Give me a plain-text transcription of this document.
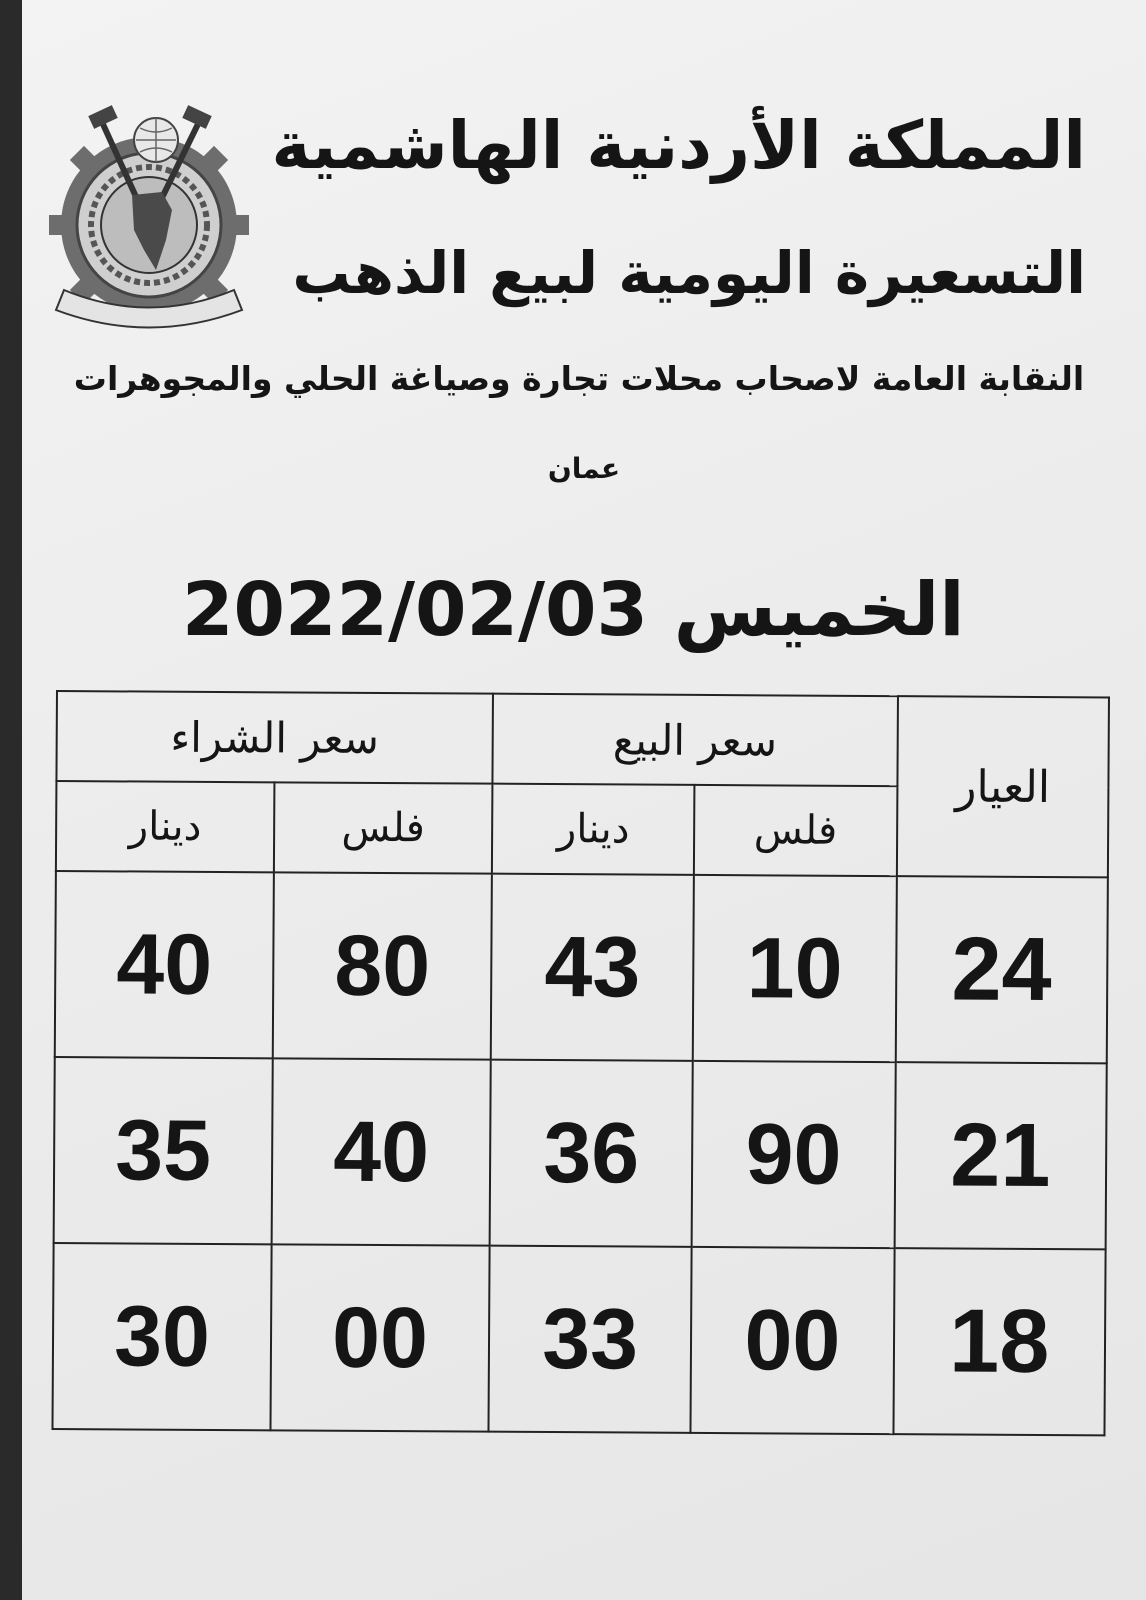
المملكة الأردنية الهاشمية
التسعيرة اليومية لبيع الذهب
النقابة العامة لاصحاب محلات تجارة وصياغة الحلي والمجوهرات
عمان
الخميس 2022/02/03
سعر الشراء		سعر البيع		العيار
دينار	فلس	دينار	فلس	
40	80	43	10	24
35	40	36	90	21
30	00	33	00	18
